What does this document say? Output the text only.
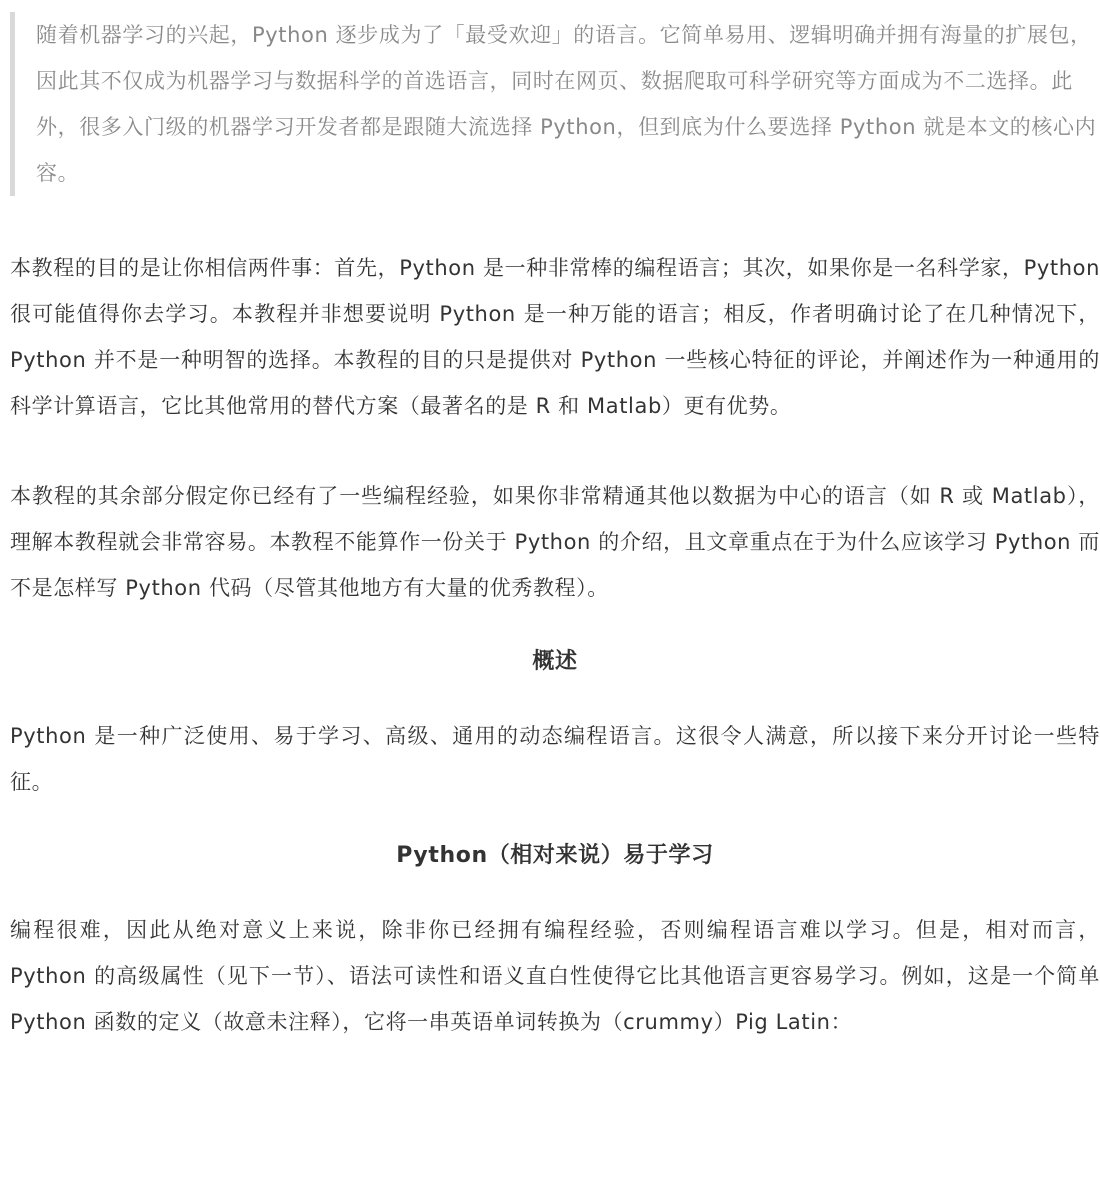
随着机器学习的兴起，Python 逐步成为了「最受欢迎」的语言。它简单易用、逻辑明确并拥有海量的扩展包，因此其不仅成为机器学习与数据科学的首选语言，同时在网页、数据爬取可科学研究等方面成为不二选择。此外，很多入门级的机器学习开发者都是跟随大流选择 Python，但到底为什么要选择 Python 就是本文的核心内容。

本教程的目的是让你相信两件事：首先，Python 是一种非常棒的编程语言；其次，如果你是一名科学家，Python 很可能值得你去学习。本教程并非想要说明 Python 是一种万能的语言；相反，作者明确讨论了在几种情况下，Python 并不是一种明智的选择。本教程的目的只是提供对 Python 一些核心特征的评论，并阐述作为一种通用的科学计算语言，它比其他常用的替代方案（最著名的是 R 和 Matlab）更有优势。

本教程的其余部分假定你已经有了一些编程经验，如果你非常精通其他以数据为中心的语言（如 R 或 Matlab），理解本教程就会非常容易。本教程不能算作一份关于 Python 的介绍，且文章重点在于为什么应该学习 Python 而不是怎样写 Python 代码（尽管其他地方有大量的优秀教程）。

概述

Python 是一种广泛使用、易于学习、高级、通用的动态编程语言。这很令人满意，所以接下来分开讨论一些特征。

Python（相对来说）易于学习

编程很难，因此从绝对意义上来说，除非你已经拥有编程经验，否则编程语言难以学习。但是，相对而言，Python 的高级属性（见下一节）、语法可读性和语义直白性使得它比其他语言更容易学习。例如，这是一个简单 Python 函数的定义（故意未注释），它将一串英语单词转换为（crummy）Pig Latin：
